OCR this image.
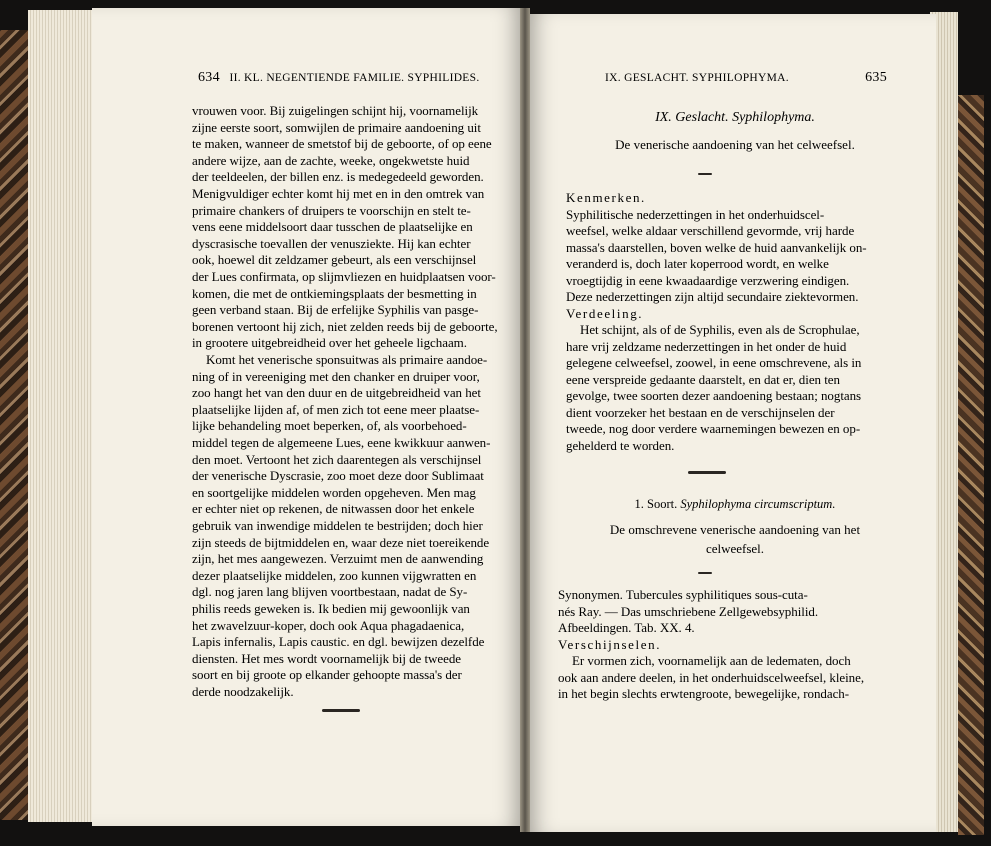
634 II. KL. NEGENTIENDE FAMILIE. SYPHILIDES.
vrouwen voor. Bij zuigelingen schijnt hij, voornamelijk
zijne eerste soort, somwijlen de primaire aandoening uit
te maken, wanneer de smetstof bij de geboorte, of op eene
andere wijze, aan de zachte, weeke, ongekwetste huid
der teeldeelen, der billen enz. is medegedeeld geworden.
Menigvuldiger echter komt hij met en in den omtrek van
primaire chankers of druipers te voorschijn en stelt te-
vens eene middelsoort daar tusschen de plaatselijke en
dyscrasische toevallen der venusziekte. Hij kan echter
ook, hoewel dit zeldzamer gebeurt, als een verschijnsel
der Lues confirmata, op slijmvliezen en huidplaatsen voor-
komen, die met de ontkiemingsplaats der besmetting in
geen verband staan. Bij de erfelijke Syphilis van pasge-
borenen vertoont hij zich, niet zelden reeds bij de geboorte,
in grootere uitgebreidheid over het geheele ligchaam.
Komt het venerische sponsuitwas als primaire aandoe-
ning of in vereeniging met den chanker en druiper voor,
zoo hangt het van den duur en de uitgebreidheid van het
plaatselijke lijden af, of men zich tot eene meer plaatse-
lijke behandeling moet beperken, of, als voorbehoed-
middel tegen de algemeene Lues, eene kwikkuur aanwen-
den moet. Vertoont het zich daarentegen als verschijnsel
der venerische Dyscrasie, zoo moet deze door Sublimaat
en soortgelijke middelen worden opgeheven. Men mag
er echter niet op rekenen, de nitwassen door het enkele
gebruik van inwendige middelen te bestrijden; doch hier
zijn steeds de bijtmiddelen en, waar deze niet toereikende
zijn, het mes aangewezen. Verzuimt men de aanwending
dezer plaatselijke middelen, zoo kunnen vijgwratten en
dgl. nog jaren lang blijven voortbestaan, nadat de Sy-
philis reeds geweken is. Ik bedien mij gewoonlijk van
het zwavelzuur-koper, doch ook Aqua phagadaenica,
Lapis infernalis, Lapis caustic. en dgl. bewijzen dezelfde
diensten. Het mes wordt voornamelijk bij de tweede
soort en bij groote op elkander gehoopte massa's der
derde noodzakelijk.
IX. GESLACHT. SYPHILOPHYMA.	635
IX. Geslacht. Syphilophyma.
De venerische aandoening van het celweefsel.
Kenmerken.
Syphilitische nederzettingen in het onderhuidscel-
weefsel, welke aldaar verschillend gevormde, vrij harde
massa's daarstellen, boven welke de huid aanvankelijk on-
veranderd is, doch later koperrood wordt, en welke
vroegtijdig in eene kwaadaardige verzwering eindigen.
Deze nederzettingen zijn altijd secundaire ziektevormen.
Verdeeling.
Het schijnt, als of de Syphilis, even als de Scrophulae,
hare vrij zeldzame nederzettingen in het onder de huid
gelegene celweefsel, zoowel, in eene omschrevene, als in
eene verspreide gedaante daarstelt, en dat er, dien ten
gevolge, twee soorten dezer aandoening bestaan; nogtans
dient voorzeker het bestaan en de verschijnselen der
tweede, nog door verdere waarnemingen bewezen en op-
gehelderd te worden.
1. Soort. Syphilophyma circumscriptum.
De omschrevene venerische aandoening van het
celweefsel.
Synonymen. Tubercules syphilitiques sous-cuta-
nés Ray. — Das umschriebene Zellgewebsyphilid.
Afbeeldingen. Tab. XX. 4.
Verschijnselen.
Er vormen zich, voornamelijk aan de ledematen, doch
ook aan andere deelen, in het onderhuidscelweefsel, kleine,
in het begin slechts erwtengroote, bewegelijke, rondach-
